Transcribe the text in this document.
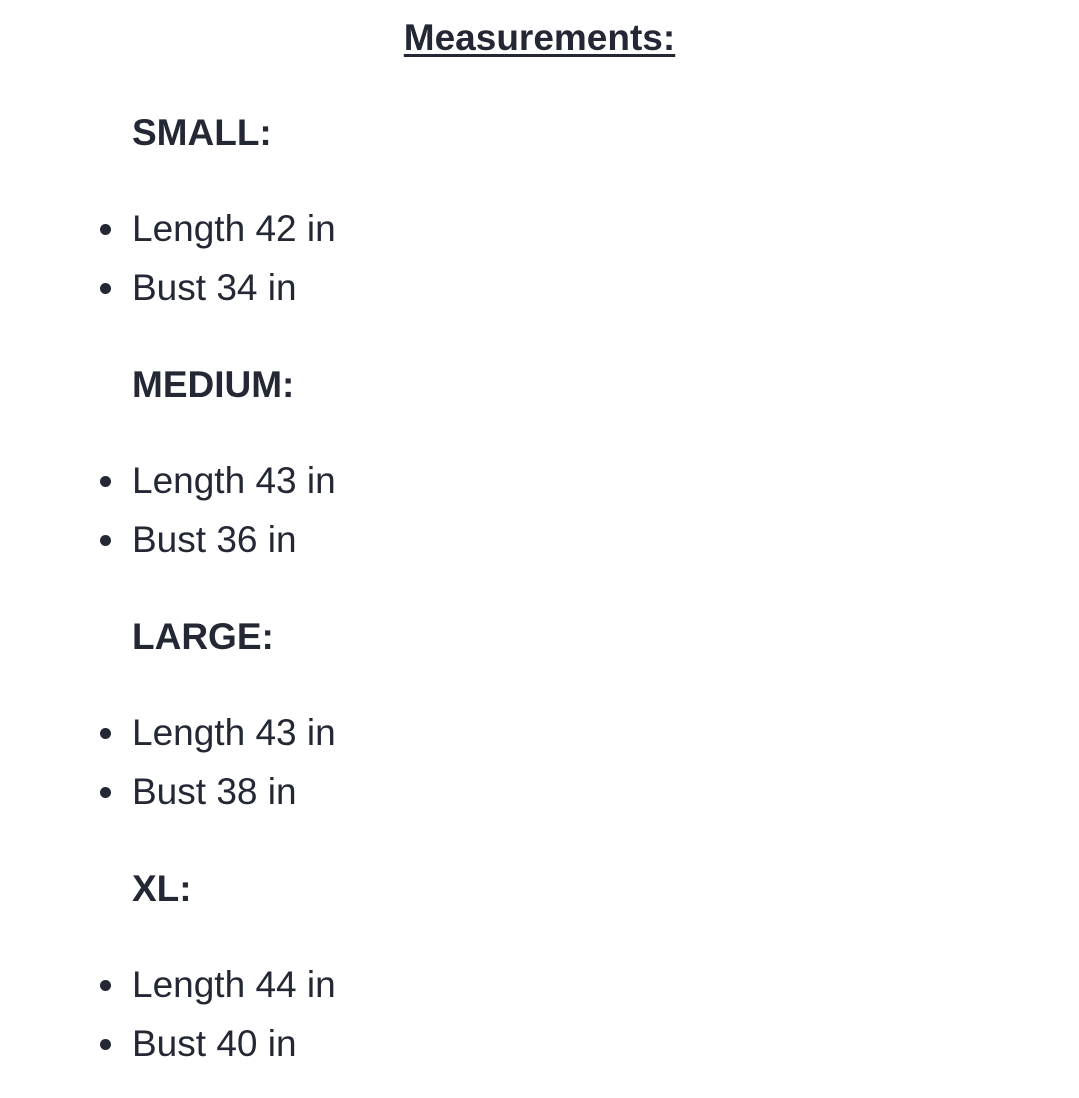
Measurements:
SMALL:
Length 42 in
Bust 34 in
MEDIUM:
Length 43 in
Bust 36 in
LARGE:
Length 43 in
Bust 38 in
XL:
Length 44 in
Bust 40 in
